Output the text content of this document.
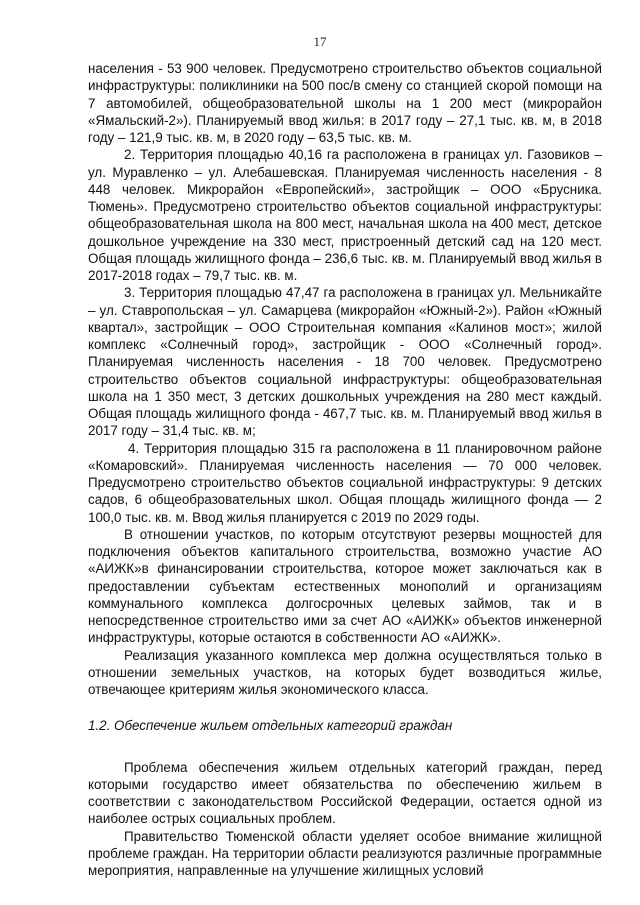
17

населения - 53 900 человек. Предусмотрено строительство объектов социальной инфраструктуры: поликлиники на 500 пос/в смену со станцией скорой помощи на 7 автомобилей, общеобразовательной школы на 1 200 мест (микрорайон «Ямальский-2»). Планируемый ввод жилья: в 2017 году – 27,1 тыс. кв. м, в 2018 году – 121,9 тыс. кв. м, в 2020 году – 63,5 тыс. кв. м.

2. Территория площадью 40,16 га расположена в границах ул. Газовиков – ул. Муравленко – ул. Алебашевская. Планируемая численность населения - 8 448 человек. Микрорайон «Европейский», застройщик – ООО «Брусника. Тюмень». Предусмотрено строительство объектов социальной инфраструктуры: общеобразовательная школа на 800 мест, начальная школа на 400 мест, детское дошкольное учреждение на 330 мест, пристроенный детский сад на 120 мест. Общая площадь жилищного фонда – 236,6 тыс. кв. м. Планируемый ввод жилья в 2017-2018 годах – 79,7 тыс. кв. м.

3. Территория площадью 47,47 га расположена в границах ул. Мельникайте – ул. Ставропольская – ул. Самарцева (микрорайон «Южный-2»). Район «Южный квартал», застройщик – ООО Строительная компания «Калинов мост»; жилой комплекс «Солнечный город», застройщик - ООО «Солнечный город». Планируемая численность населения - 18 700 человек. Предусмотрено строительство объектов социальной инфраструктуры: общеобразовательная школа на 1 350 мест, 3 детских дошкольных учреждения на 280 мест каждый. Общая площадь жилищного фонда - 467,7 тыс. кв. м. Планируемый ввод жилья в 2017 году – 31,4 тыс. кв. м;

4. Территория площадью 315 га расположена в 11 планировочном районе «Комаровский». Планируемая численность населения — 70 000 человек. Предусмотрено строительство объектов социальной инфраструктуры: 9 детских садов, 6 общеобразовательных школ. Общая площадь жилищного фонда — 2 100,0 тыс. кв. м. Ввод жилья планируется с 2019 по 2029 годы.

В отношении участков, по которым отсутствуют резервы мощностей для подключения объектов капитального строительства, возможно участие АО «АИЖК»в финансировании строительства, которое может заключаться как в предоставлении субъектам естественных монополий и организациям коммунального комплекса долгосрочных целевых займов, так и в непосредственное строительство ими за счет АО «АИЖК» объектов инженерной инфраструктуры, которые остаются в собственности АО «АИЖК».

Реализация указанного комплекса мер должна осуществляться только в отношении земельных участков, на которых будет возводиться жилье, отвечающее критериям жилья экономического класса.

1.2. Обеспечение жильем отдельных категорий граждан

Проблема обеспечения жильем отдельных категорий граждан, перед которыми государство имеет обязательства по обеспечению жильем в соответствии с законодательством Российской Федерации, остается одной из наиболее острых социальных проблем.

Правительство Тюменской области уделяет особое внимание жилищной проблеме граждан. На территории области реализуются различные программные мероприятия, направленные на улучшение жилищных условий
